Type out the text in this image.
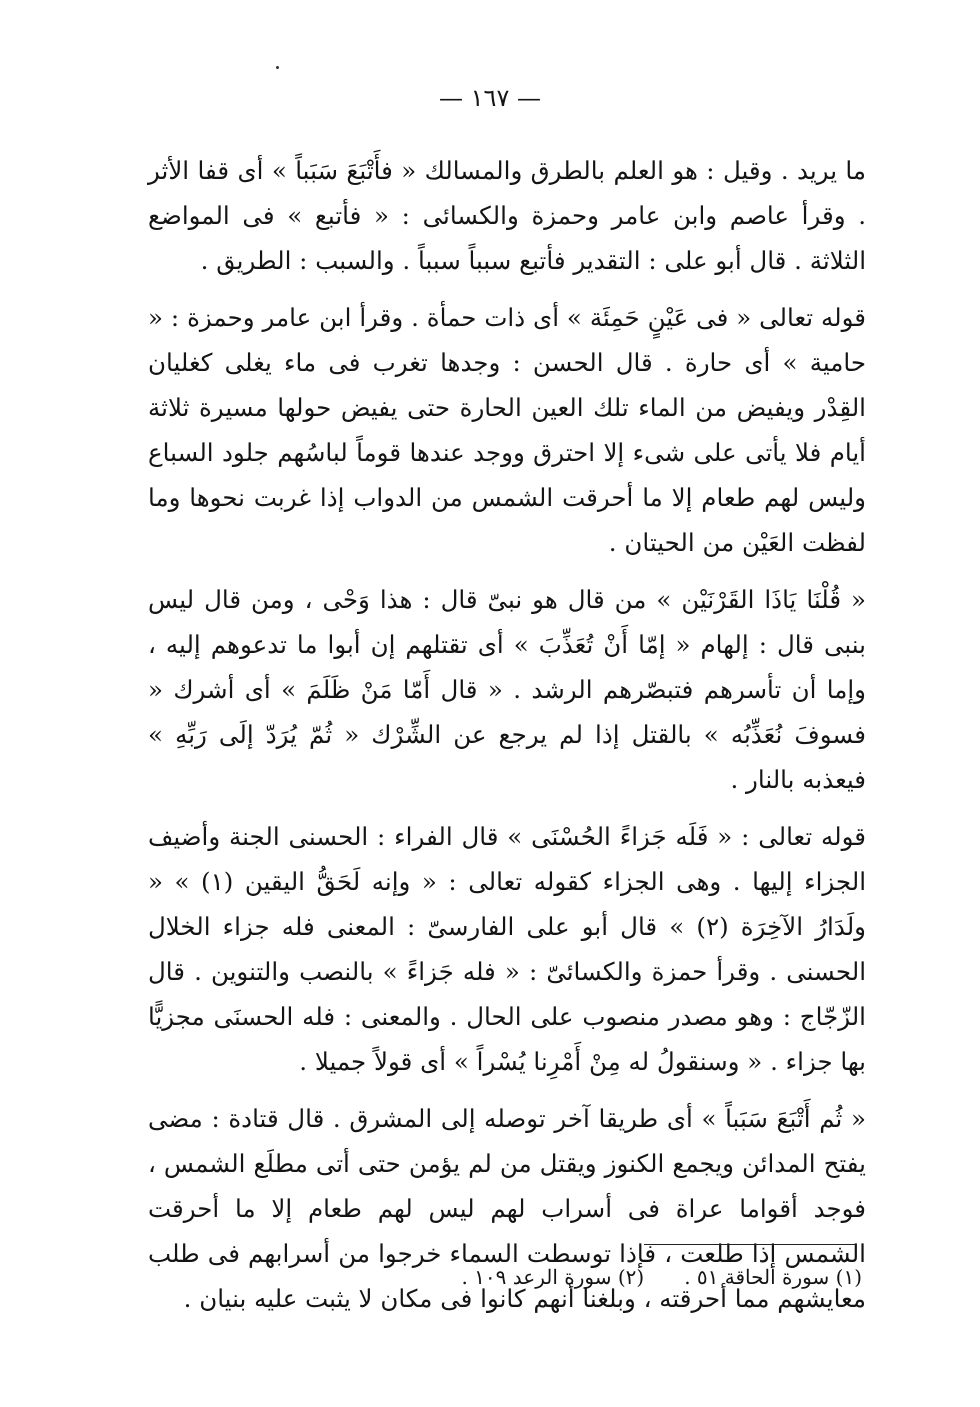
— ١٦٧ —

ما يريد . وقيل : هو العلم بالطرق والمسالك « فأَتْبَعَ سَبَباً » أى قفا الأثر . وقرأ عاصم وابن عامر وحمزة والكسائى : « فأتبع » فى المواضع الثلاثة . قال أبو على : التقدير فأتبع سبباً سبباً . والسبب : الطريق .

قوله تعالى « فى عَيْنٍ حَمِئَة » أى ذات حمأة . وقرأ ابن عامر وحمزة : « حامية » أى حارة . قال الحسن : وجدها تغرب فى ماء يغلى كغليان القِدْر ويفيض من الماء تلك العين الحارة حتى يفيض حولها مسيرة ثلاثة أيام فلا يأتى على شىء إلا احترق ووجد عندها قوماً لباسُهم جلود السباع وليس لهم طعام إلا ما أحرقت الشمس من الدواب إذا غربت نحوها وما لفظت العَيْن من الحيتان .

« قُلْنَا يَاذَا القَرْنَيْن » من قال هو نبىّ قال : هذا وَحْى ، ومن قال ليس بنبى قال : إلهام « إمّا أَنْ تُعَذِّبَ » أى تقتلهم إن أبوا ما تدعوهم إليه ، وإما أن تأسرهم فتبصّرهم الرشد . « قال أَمّا مَنْ ظَلَمَ » أى أشرك « فسوفَ نُعَذِّبُه » بالقتل إذا لم يرجع عن الشِّرْك « ثُمّ يُرَدّ إلَى رَبِّهِ » فيعذبه بالنار .

قوله تعالى : « فَلَه جَزاءً الحُسْنَى » قال الفراء : الحسنى الجنة وأضيف الجزاء إليها . وهى الجزاء كقوله تعالى : « وإنه لَحَقُّ اليقين (١) » « ولَدَارُ الآخِرَة (٢) » قال أبو على الفارسىّ : المعنى فله جزاء الخلال الحسنى . وقرأ حمزة والكسائىّ : « فله جَزاءً » بالنصب والتنوين . قال الزّجّاج : وهو مصدر منصوب على الحال . والمعنى : فله الحسنَى مجزيًّا بها جزاء . « وسنقولُ له مِنْ أَمْرِنا يُسْراً » أى قولاً جميلا .

« ثُم أَتْبَعَ سَبَباً » أى طريقا آخر توصله إلى المشرق . قال قتادة : مضى يفتح المدائن ويجمع الكنوز ويقتل من لم يؤمن حتى أتى مطلَع الشمس ، فوجد أقواما عراة فى أسراب لهم ليس لهم طعام إلا ما أحرقت الشمس إذا طلعت ، فإذا توسطت السماء خرجوا من أسرابهم فى طلب معايشهم مما أحرقته ، وبلغنا أنهم كانوا فى مكان لا يثبت عليه بنيان .

(١) سورة الحاقة ٥١ .(٢) سورة الرعد ١٠٩ .
